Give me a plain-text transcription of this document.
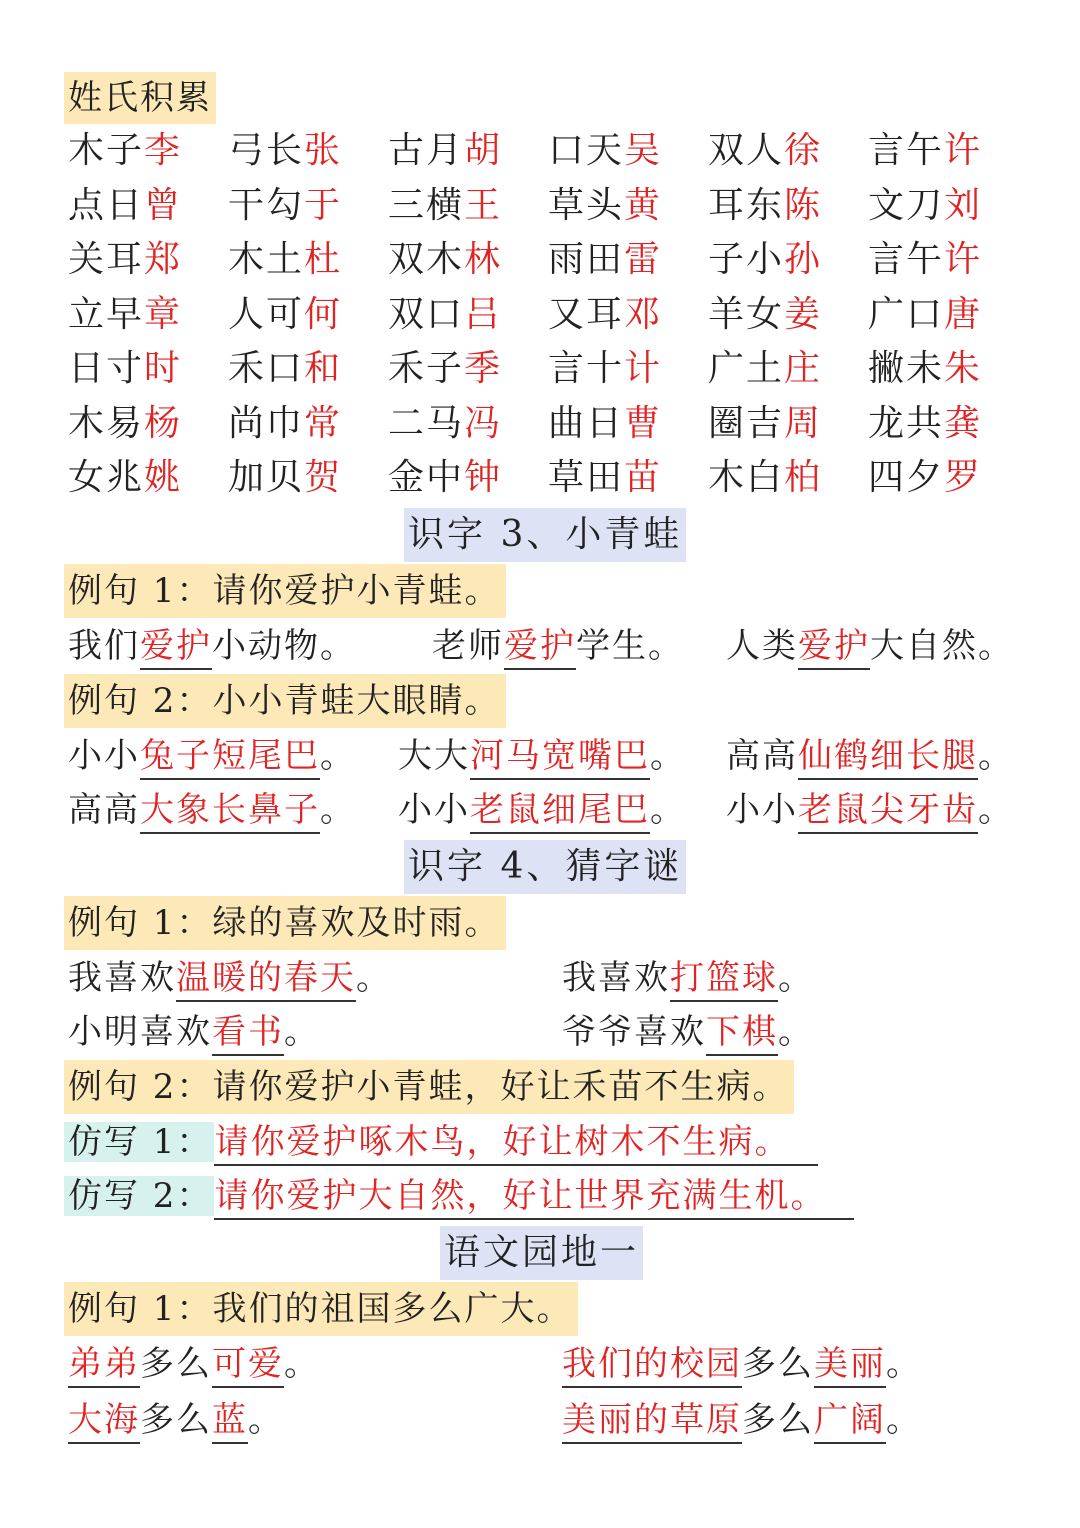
姓氏积累
木子李	弓长张	古月胡	口天吴	双人徐	言午许
点日曾	干勾于	三横王	草头黄	耳东陈	文刀刘
关耳郑	木土杜	双木林	雨田雷	子小孙	言午许
立早章	人可何	双口吕	又耳邓	羊女姜	广口唐
日寸时	禾口和	禾子季	言十计	广土庄	撇未朱
木易杨	尚巾常	二马冯	曲日曹	圈吉周	龙共龚
女兆姚	加贝贺	金中钟	草田苗	木白柏	四夕罗
识字 3、小青蛙
例句 1：请你爱护小青蛙。
我们爱护小动物。 老师爱护学生。 人类爱护大自然。
例句 2：小小青蛙大眼睛。
小小兔子短尾巴。 大大河马宽嘴巴。 高高仙鹤细长腿。
高高大象长鼻子。 小小老鼠细尾巴。 小小老鼠尖牙齿。
识字 4、猜字谜
例句 1：绿的喜欢及时雨。
我喜欢温暖的春天。	我喜欢打篮球。
小明喜欢看书。	爷爷喜欢下棋。
例句 2：请你爱护小青蛙，好让禾苗不生病。
仿写 1：请你爱护啄木鸟，好让树木不生病。
仿写 2：请你爱护大自然，好让世界充满生机。
语文园地一
例句 1：我们的祖国多么广大。
弟弟多么可爱。	我们的校园多么美丽。
大海多么蓝。	美丽的草原多么广阔。
